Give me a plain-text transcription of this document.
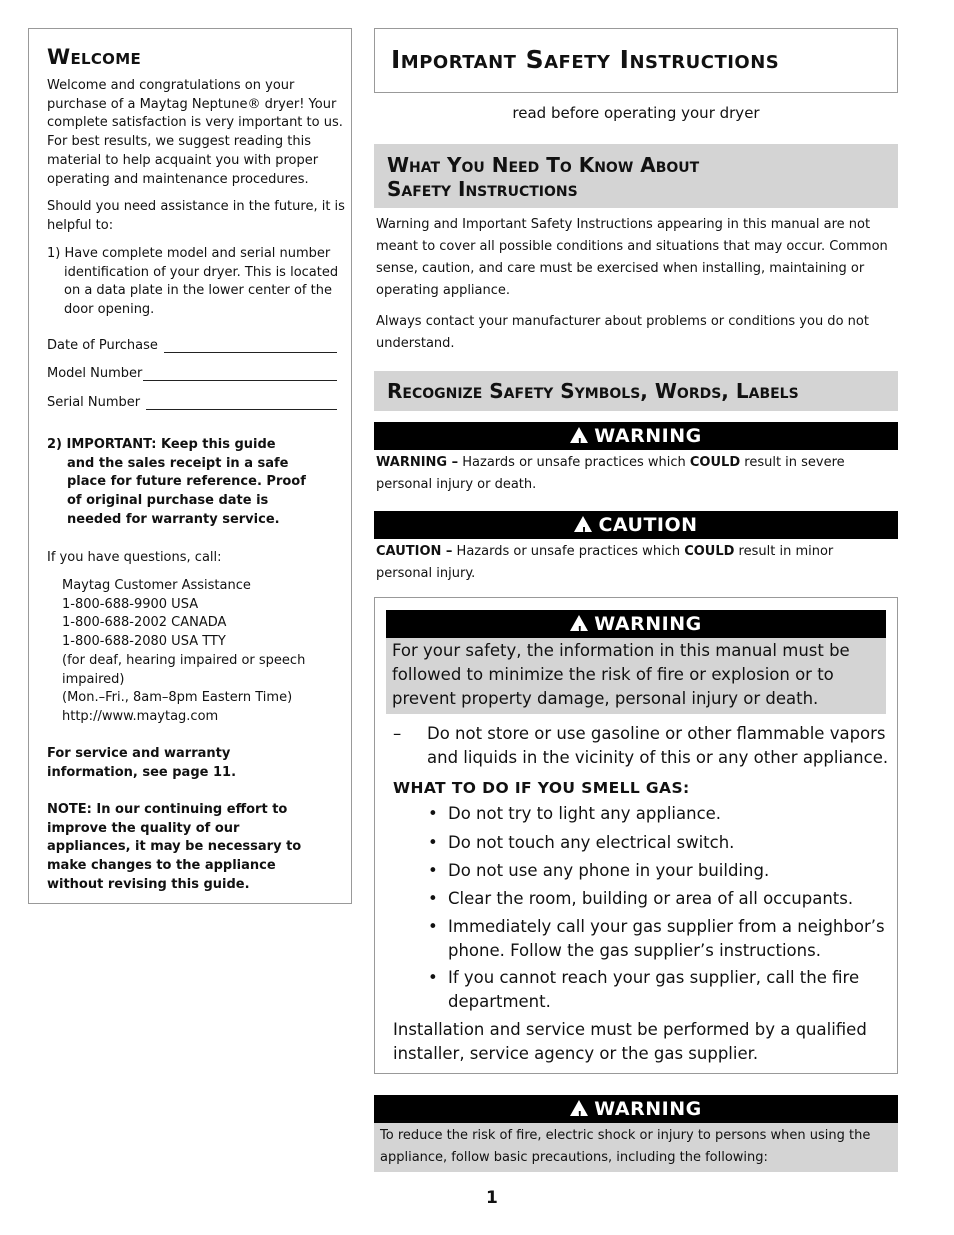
Welcome
Welcome and congratulations on your
purchase of a Maytag Neptune® dryer! Your
complete satisfaction is very important to us.
For best results, we suggest reading this
material to help acquaint you with proper
operating and maintenance procedures.
Should you need assistance in the future, it is
helpful to:
1) Have complete model and serial number
identification of your dryer. This is located
on a data plate in the lower center of the
door opening.
Date of Purchase
Model Number
Serial Number
2) IMPORTANT: Keep this guide
and the sales receipt in a safe
place for future reference. Proof
of original purchase date is
needed for warranty service.
If you have questions, call:
Maytag Customer Assistance
1-800-688-9900 USA
1-800-688-2002 CANADA
1-800-688-2080 USA TTY
(for deaf, hearing impaired or speech
impaired)
(Mon.–Fri., 8am–8pm Eastern Time)
http://www.maytag.com
For service and warranty
information, see page 11.
NOTE: In our continuing effort to
improve the quality of our
appliances, it may be necessary to
make changes to the appliance
without revising this guide.
Important Safety Instructions
read before operating your dryer
What You Need To Know About
Safety Instructions
Warning and Important Safety Instructions appearing in this manual are not
meant to cover all possible conditions and situations that may occur. Common
sense, caution, and care must be exercised when installing, maintaining or
operating appliance.
Always contact your manufacturer about problems or conditions you do not
understand.
Recognize Safety Symbols, Words, Labels
!WARNING
WARNING – Hazards or unsafe practices which COULD result in severe
personal injury or death.
!CAUTION
CAUTION – Hazards or unsafe practices which COULD result in minor
personal injury.
!WARNING
For your safety, the information in this manual must be
followed to minimize the risk of fire or explosion or to
prevent property damage, personal injury or death.
– Do not store or use gasoline or other flammable vapors
and liquids in the vicinity of this or any other appliance.
WHAT TO DO IF YOU SMELL GAS:
• Do not try to light any appliance.
• Do not touch any electrical switch.
• Do not use any phone in your building.
• Clear the room, building or area of all occupants.
• Immediately call your gas supplier from a neighbor’s
phone. Follow the gas supplier’s instructions.
• If you cannot reach your gas supplier, call the fire
department.
Installation and service must be performed by a qualified
installer, service agency or the gas supplier.
!WARNING
To reduce the risk of fire, electric shock or injury to persons when using the
appliance, follow basic precautions, including the following:
1
